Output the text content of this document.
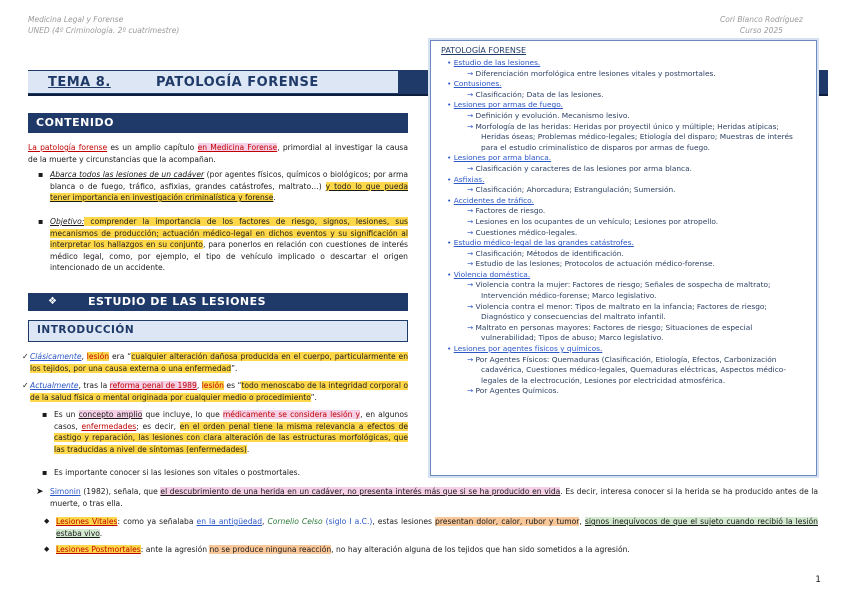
Medicina Legal y Forense
UNED (4º Criminología. 2º cuatrimestre)
Cori Blanco Rodríguez
Curso 2025
TEMA 8.	PATOLOGÍA FORENSE
CONTENIDO
La patología forense es un amplio capítulo en Medicina Forense, primordial al investigar la causa de la muerte y circunstancias que la acompañan.
▪ Abarca todos las lesiones de un cadáver (por agentes físicos, químicos o biológicos; por arma blanca o de fuego, tráfico, asfixias, grandes catástrofes, maltrato…) y todo lo que pueda tener importancia en investigación criminalística y forense.
▪ Objetivo: comprender la importancia de los factores de riesgo, signos, lesiones, sus mecanismos de producción; actuación médico-legal en dichos eventos y su significación al interpretar los hallazgos en su conjunto, para ponerlos en relación con cuestiones de interés médico legal, como, por ejemplo, el tipo de vehículo implicado o descartar el origen intencionado de un accidente.
❖	ESTUDIO DE LAS LESIONES
INTRODUCCIÓN
✓ Clásicamente, lesión era “cualquier alteración dañosa producida en el cuerpo, particularmente en los tejidos, por una causa externa o una enfermedad”.
✓ Actualmente, tras la reforma penal de 1989, lesión es “todo menoscabo de la integridad corporal o de la salud física o mental originada por cualquier medio o procedimiento”.
▪ Es un concepto amplio que incluye, lo que médicamente se considera lesión y, en algunos casos, enfermedades; es decir, en el orden penal tiene la misma relevancia a efectos de castigo y reparación, las lesiones con clara alteración de las estructuras morfológicas, que las traducidas a nivel de síntomas (enfermedades).
▪ Es importante conocer si las lesiones son vitales o postmortales.
➤ Simonin (1982), señala, que el descubrimiento de una herida en un cadáver, no presenta interés más que si se ha producido en vida. Es decir, interesa conocer si la herida se ha producido antes de la muerte, o tras ella.
◆ Lesiones Vitales: como ya señalaba en la antigüedad, Cornelio Celso (siglo I a.C.), estas lesiones presentan dolor, calor, rubor y tumor, signos inequívocos de que el sujeto cuando recibió la lesión estaba vivo.
◆ Lesiones Postmortales: ante la agresión no se produce ninguna reacción, no hay alteración alguna de los tejidos que han sido sometidos a la agresión.
PATOLOGÍA FORENSE
• Estudio de las lesiones.
→ Diferenciación morfológica entre lesiones vitales y postmortales.
• Contusiones.
→ Clasificación; Data de las lesiones.
• Lesiones por armas de fuego.
→ Definición y evolución. Mecanismo lesivo.
→ Morfología de las heridas: Heridas por proyectil único y múltiple; Heridas atípicas; Heridas óseas; Problemas médico-legales; Etiología del disparo; Muestras de interés para el estudio criminalístico de disparos por armas de fuego.
• Lesiones por arma blanca.
→ Clasificación y caracteres de las lesiones por arma blanca.
• Asfixias.
→ Clasificación; Ahorcadura; Estrangulación; Sumersión.
• Accidentes de tráfico.
→ Factores de riesgo.
→ Lesiones en los ocupantes de un vehículo; Lesiones por atropello.
→ Cuestiones médico-legales.
• Estudio médico-legal de las grandes catástrofes.
→ Clasificación; Métodos de identificación.
→ Estudio de las lesiones; Protocolos de actuación médico-forense.
• Violencia doméstica.
→ Violencia contra la mujer: Factores de riesgo; Señales de sospecha de maltrato; Intervención médico-forense; Marco legislativo.
→ Violencia contra el menor: Tipos de maltrato en la infancia; Factores de riesgo; Diagnóstico y consecuencias del maltrato infantil.
→ Maltrato en personas mayores: Factores de riesgo; Situaciones de especial vulnerabilidad; Tipos de abuso; Marco legislativo.
• Lesiones por agentes físicos y químicos.
→ Por Agentes Físicos: Quemaduras (Clasificación, Etiología, Efectos, Carbonización cadavérica, Cuestiones médico-legales, Quemaduras eléctricas, Aspectos médico-legales de la electrocución, Lesiones por electricidad atmosférica.
→ Por Agentes Químicos.
1
